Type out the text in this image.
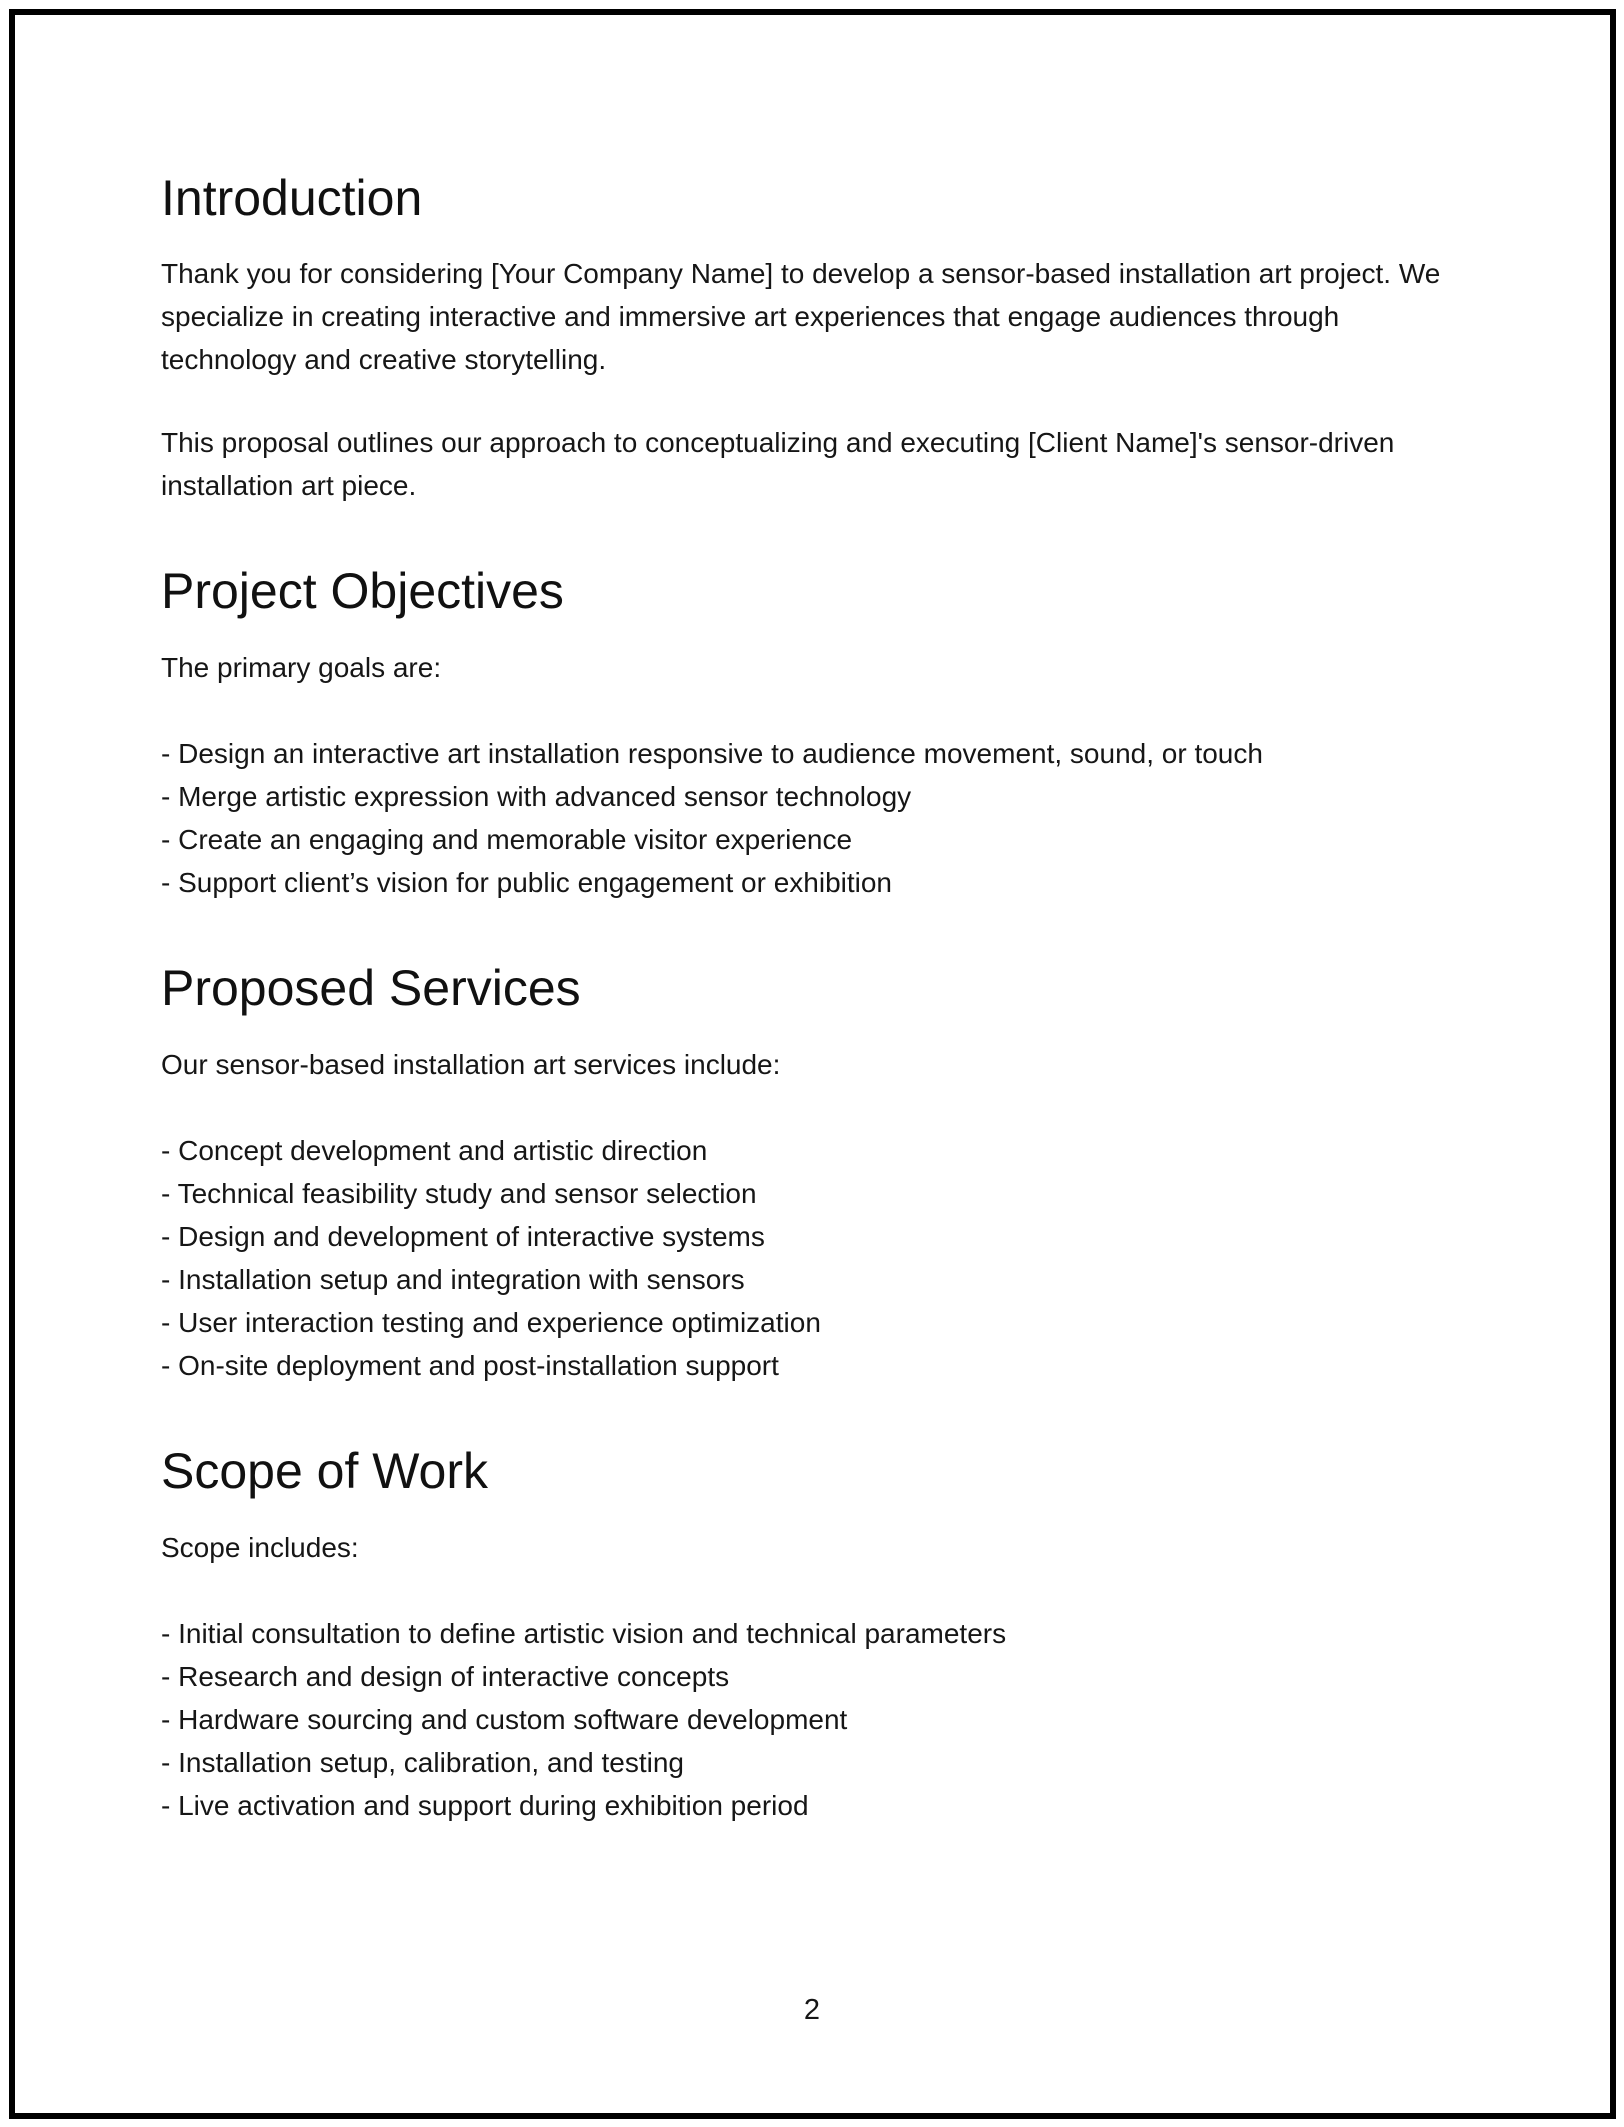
Introduction

Thank you for considering [Your Company Name] to develop a sensor-based installation art project. We specialize in creating interactive and immersive art experiences that engage audiences through technology and creative storytelling.

This proposal outlines our approach to conceptualizing and executing [Client Name]'s sensor-driven installation art piece.

Project Objectives

The primary goals are:

- Design an interactive art installation responsive to audience movement, sound, or touch
- Merge artistic expression with advanced sensor technology
- Create an engaging and memorable visitor experience
- Support client’s vision for public engagement or exhibition
Proposed Services

Our sensor-based installation art services include:

- Concept development and artistic direction
- Technical feasibility study and sensor selection
- Design and development of interactive systems
- Installation setup and integration with sensors
- User interaction testing and experience optimization
- On-site deployment and post-installation support
Scope of Work

Scope includes:

- Initial consultation to define artistic vision and technical parameters
- Research and design of interactive concepts
- Hardware sourcing and custom software development
- Installation setup, calibration, and testing
- Live activation and support during exhibition period
2
